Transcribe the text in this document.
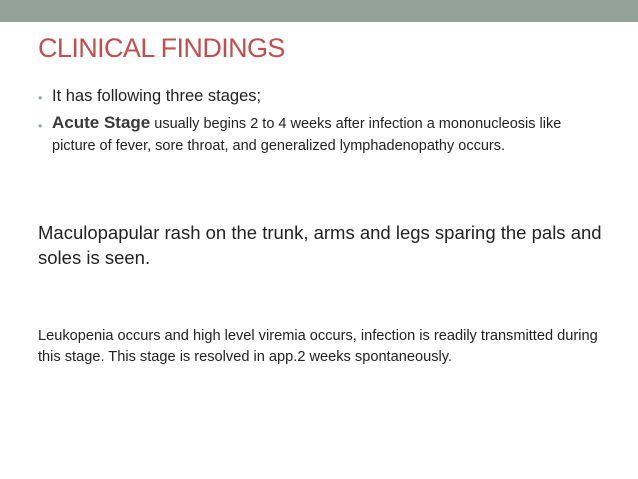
CLINICAL FINDINGS
• It has following three stages;
• Acute Stage usually begins 2 to 4 weeks after infection a mononucleosis like picture of fever, sore throat, and generalized lymphadenopathy occurs.
Maculopapular rash on the trunk, arms and legs sparing the pals and soles is seen.
Leukopenia occurs and high level viremia occurs, infection is readily transmitted during this stage. This stage is resolved in app.2 weeks spontaneously.
